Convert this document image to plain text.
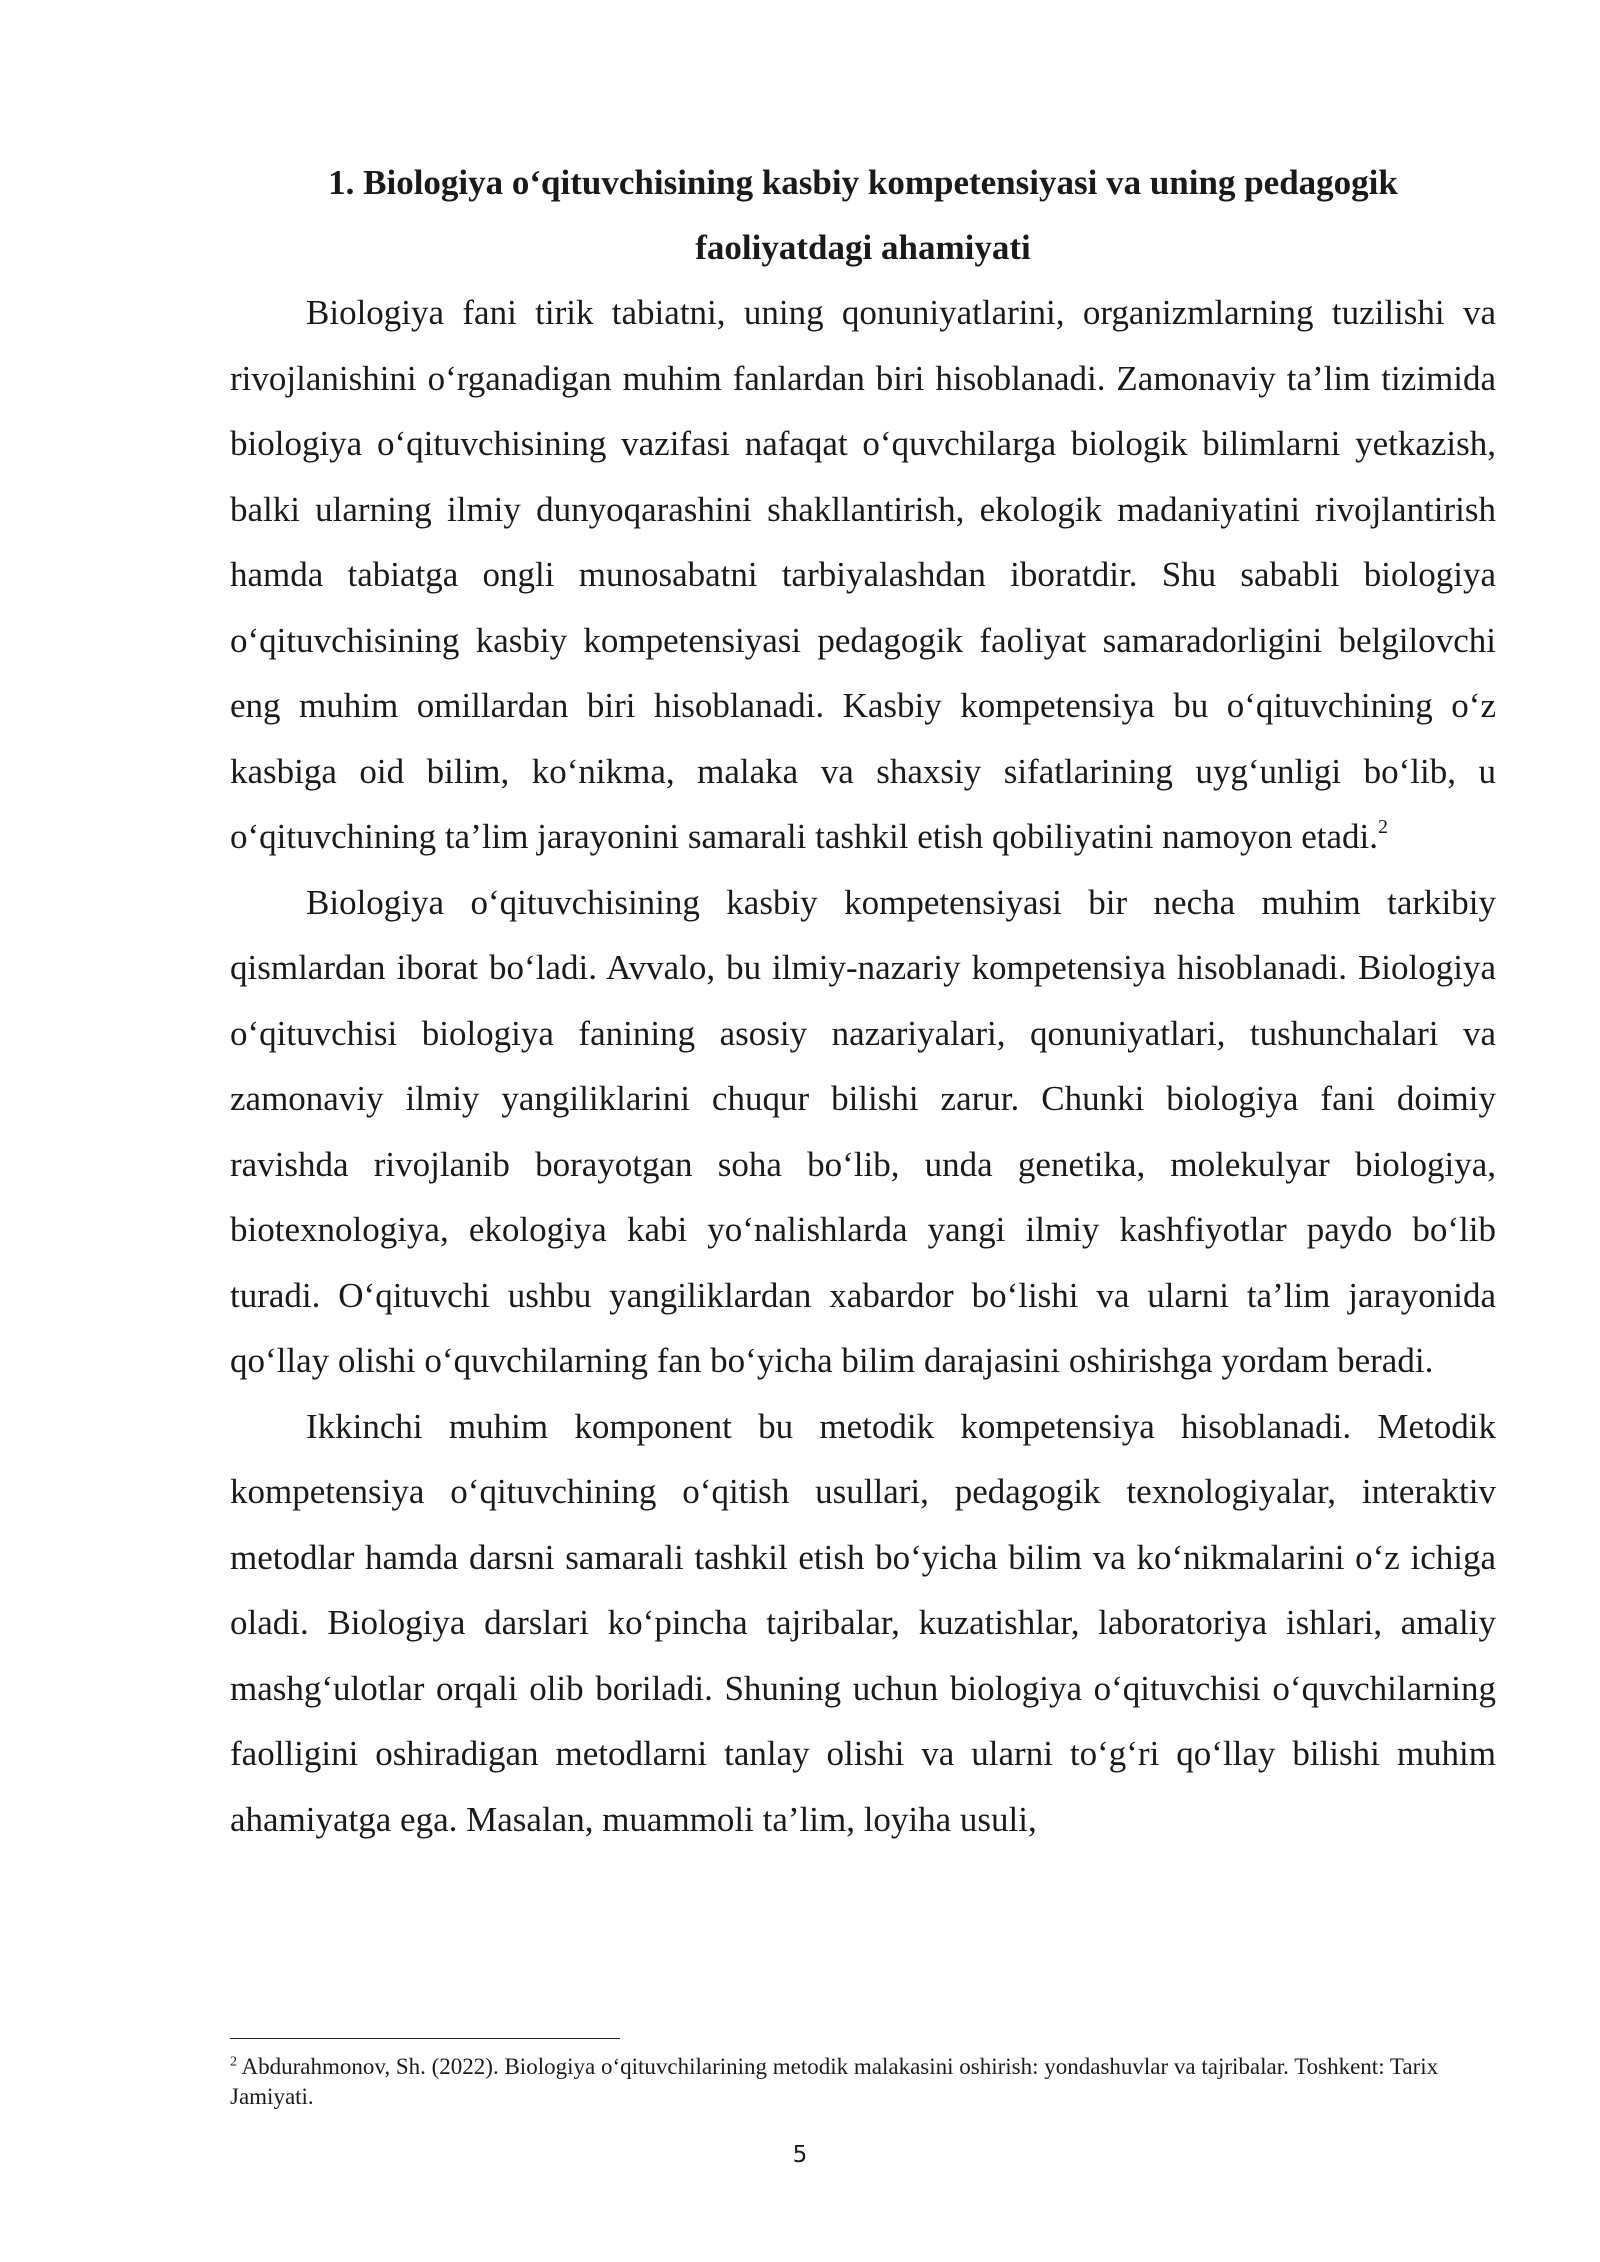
1. Biologiya o‘qituvchisining kasbiy kompetensiyasi va uning pedagogik
faoliyatdagi ahamiyati

Biologiya fani tirik tabiatni, uning qonuniyatlarini, organizmlarning tuzilishi va rivojlanishini o‘rganadigan muhim fanlardan biri hisoblanadi. Zamonaviy ta’lim tizimida biologiya o‘qituvchisining vazifasi nafaqat o‘quvchilarga biologik bilimlarni yetkazish, balki ularning ilmiy dunyoqarashini shakllantirish, ekologik madaniyatini rivojlantirish hamda tabiatga ongli munosabatni tarbiyalashdan iboratdir. Shu sababli biologiya o‘qituvchisining kasbiy kompetensiyasi pedagogik faoliyat samaradorligini belgilovchi eng muhim omillardan biri hisoblanadi. Kasbiy kompetensiya bu o‘qituvchining o‘z kasbiga oid bilim, ko‘nikma, malaka va shaxsiy sifatlarining uyg‘unligi bo‘lib, u o‘qituvchining ta’lim jarayonini samarali tashkil etish qobiliyatini namoyon etadi.$^2$

Biologiya o‘qituvchisining kasbiy kompetensiyasi bir necha muhim tarkibiy qismlardan iborat bo‘ladi. Avvalo, bu ilmiy-nazariy kompetensiya hisoblanadi. Biologiya o‘qituvchisi biologiya fanining asosiy nazariyalari, qonuniyatlari, tushunchalari va zamonaviy ilmiy yangiliklarini chuqur bilishi zarur. Chunki biologiya fani doimiy ravishda rivojlanib borayotgan soha bo‘lib, unda genetika, molekulyar biologiya, biotexnologiya, ekologiya kabi yo‘nalishlarda yangi ilmiy kashfiyotlar paydo bo‘lib turadi. O‘qituvchi ushbu yangiliklardan xabardor bo‘lishi va ularni ta’lim jarayonida qo‘llay olishi o‘quvchilarning fan bo‘yicha bilim darajasini oshirishga yordam beradi.

Ikkinchi muhim komponent bu metodik kompetensiya hisoblanadi. Metodik kompetensiya o‘qituvchining o‘qitish usullari, pedagogik texnologiyalar, interaktiv metodlar hamda darsni samarali tashkil etish bo‘yicha bilim va ko‘nikmalarini o‘z ichiga oladi. Biologiya darslari ko‘pincha tajribalar, kuzatishlar, laboratoriya ishlari, amaliy mashg‘ulotlar orqali olib boriladi. Shuning uchun biologiya o‘qituvchisi o‘quvchilarning faolligini oshiradigan metodlarni tanlay olishi va ularni to‘g‘ri qo‘llay bilishi muhim ahamiyatga ega. Masalan, muammoli ta’lim, loyiha usuli,

$^2$ Abdurahmonov, Sh. (2022). Biologiya o‘qituvchilarining metodik malakasini oshirish: yondashuvlar va tajribalar. Toshkent: Tarix Jamiyati.

5
